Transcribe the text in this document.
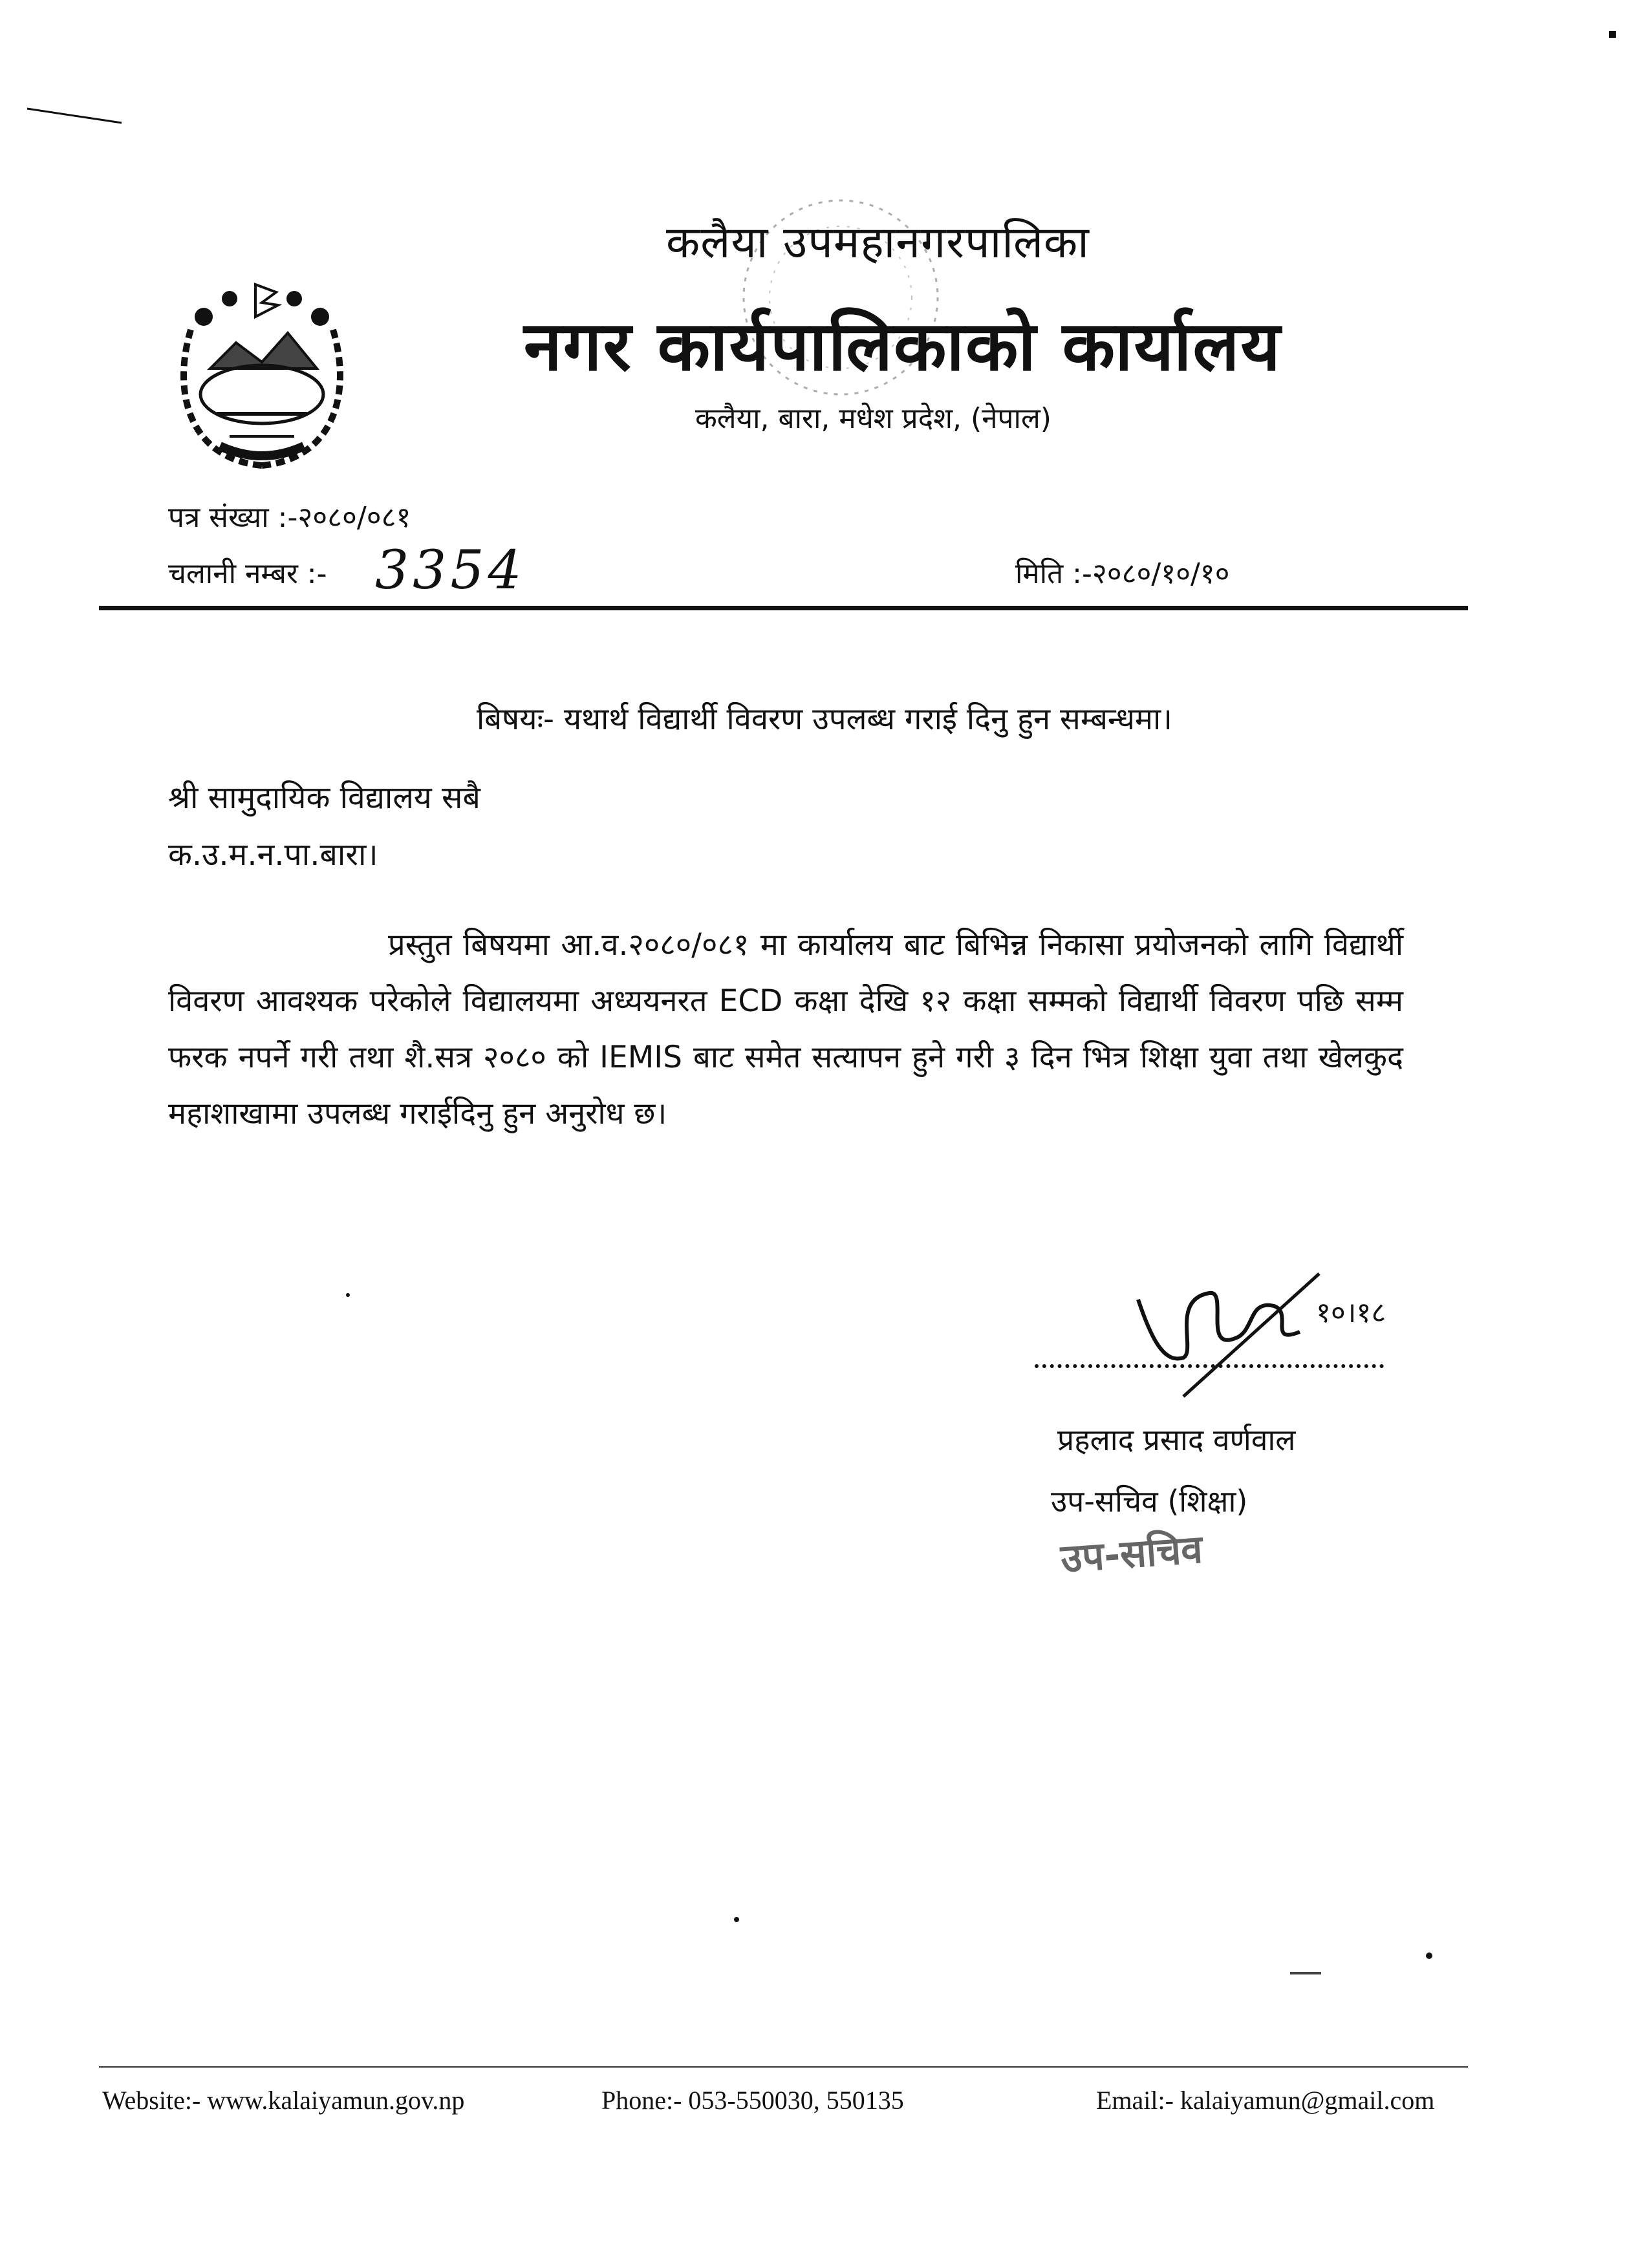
▪
कलैया उपमहानगरपालिका
नगर कार्यपालिकाको कार्यालय
कलैया, बारा, मधेश प्रदेश, (नेपाल)
पत्र संख्या :-२०८०/०८१
चलानी नम्बर :- 3354	मिति :-२०८०/१०/१०
बिषयः- यथार्थ विद्यार्थी विवरण उपलब्ध गराई दिनु हुन सम्बन्धमा।
श्री सामुदायिक विद्यालय सबै
क.उ.म.न.पा.बारा।
प्रस्तुत बिषयमा आ.व.२०८०/०८१ मा कार्यालय बाट बिभिन्न निकासा प्रयोजनको लागि विद्यार्थी विवरण आवश्यक परेकोले विद्यालयमा अध्ययनरत ECD कक्षा देखि १२ कक्षा सम्मको विद्यार्थी विवरण पछि सम्म फरक नपर्ने गरी तथा शै.सत्र २०८० को IEMIS बाट समेत सत्यापन हुने गरी ३ दिन भित्र शिक्षा युवा तथा खेलकुद महाशाखामा उपलब्ध गराईदिनु हुन अनुरोध छ।
१०।१८
प्रहलाद प्रसाद वर्णवाल
उप-सचिव (शिक्षा)
उप-सचिव
Website:- www.kalaiyamun.gov.np	Phone:- 053-550030, 550135	Email:- kalaiyamun@gmail.com
